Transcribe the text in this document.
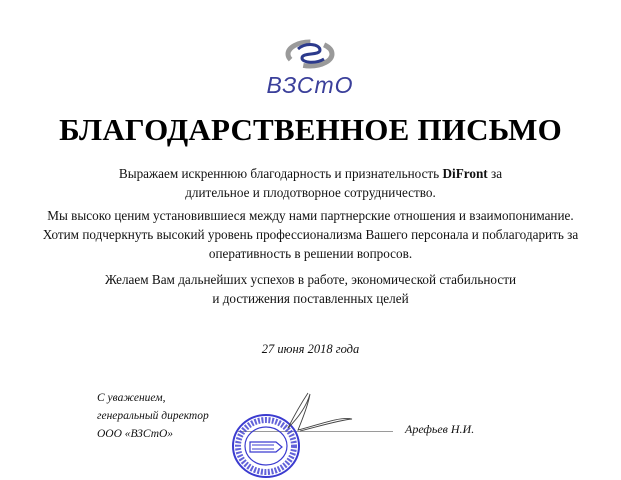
ВЗСтО
БЛАГОДАРСТВЕННОЕ ПИСЬМО
Выражаем искреннюю благодарность и признательность DiFront за
длительное и плодотворное сотрудничество.
Мы высоко ценим установившиеся между нами партнерские отношения и взаимопонимание.
Хотим подчеркнуть высокий уровень профессионализма Вашего персонала и поблагодарить за
оперативность в решении вопросов.
Желаем Вам дальнейших успехов в работе, экономической стабильности
и достижения поставленных целей
27 июня 2018 года
С уважением,
генеральный директор
ООО «ВЗСтО»	Арефьев Н.И.
